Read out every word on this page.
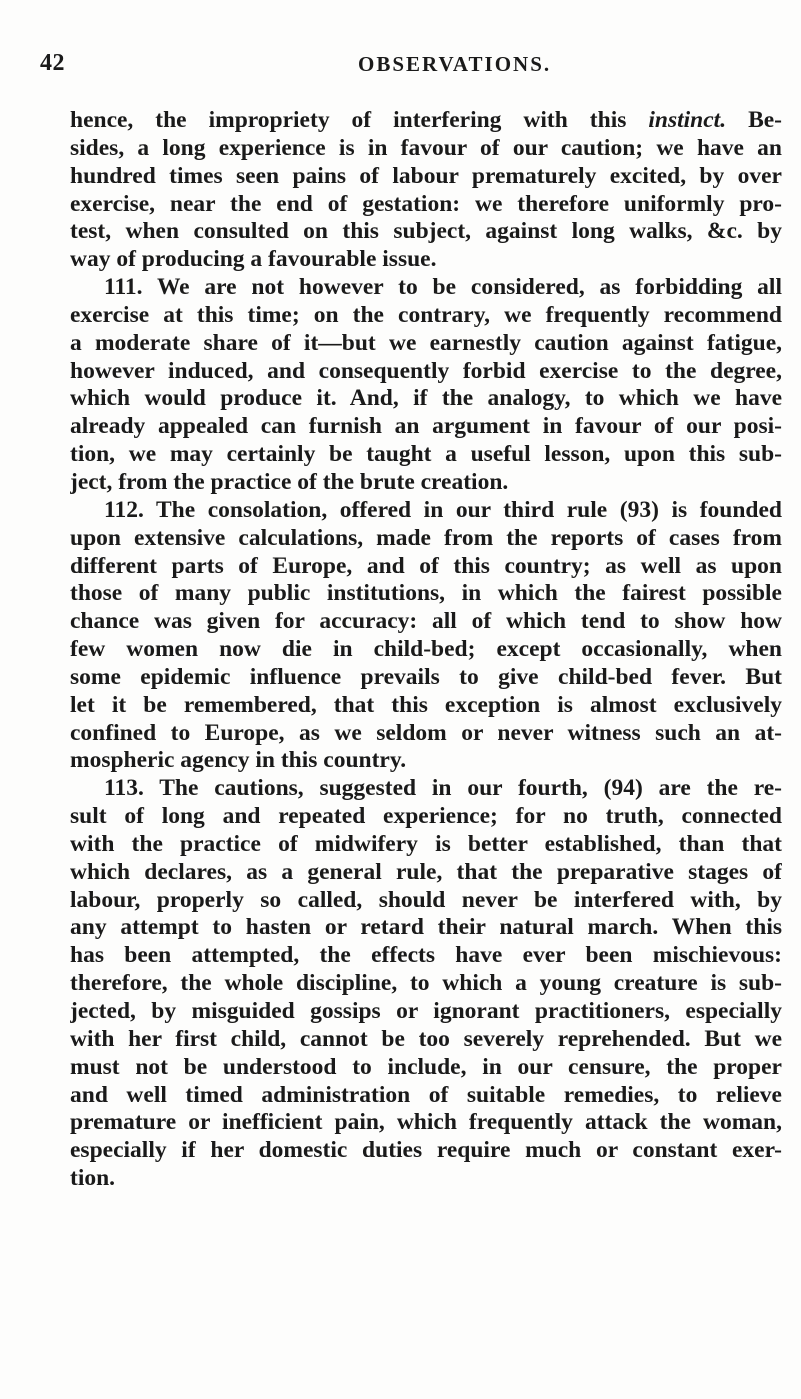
42	OBSERVATIONS.
hence, the impropriety of interfering with this instinct. Be-
sides, a long experience is in favour of our caution; we have an
hundred times seen pains of labour prematurely excited, by over
exercise, near the end of gestation: we therefore uniformly pro-
test, when consulted on this subject, against long walks, &c. by
way of producing a favourable issue.
111. We are not however to be considered, as forbidding all
exercise at this time; on the contrary, we frequently recommend
a moderate share of it—but we earnestly caution against fatigue,
however induced, and consequently forbid exercise to the degree,
which would produce it. And, if the analogy, to which we have
already appealed can furnish an argument in favour of our posi-
tion, we may certainly be taught a useful lesson, upon this sub-
ject, from the practice of the brute creation.
112. The consolation, offered in our third rule (93) is founded
upon extensive calculations, made from the reports of cases from
different parts of Europe, and of this country; as well as upon
those of many public institutions, in which the fairest possible
chance was given for accuracy: all of which tend to show how
few women now die in child-bed; except occasionally, when
some epidemic influence prevails to give child-bed fever. But
let it be remembered, that this exception is almost exclusively
confined to Europe, as we seldom or never witness such an at-
mospheric agency in this country.
113. The cautions, suggested in our fourth, (94) are the re-
sult of long and repeated experience; for no truth, connected
with the practice of midwifery is better established, than that
which declares, as a general rule, that the preparative stages of
labour, properly so called, should never be interfered with, by
any attempt to hasten or retard their natural march. When this
has been attempted, the effects have ever been mischievous:
therefore, the whole discipline, to which a young creature is sub-
jected, by misguided gossips or ignorant practitioners, especially
with her first child, cannot be too severely reprehended. But we
must not be understood to include, in our censure, the proper
and well timed administration of suitable remedies, to relieve
premature or inefficient pain, which frequently attack the woman,
especially if her domestic duties require much or constant exer-
tion.
